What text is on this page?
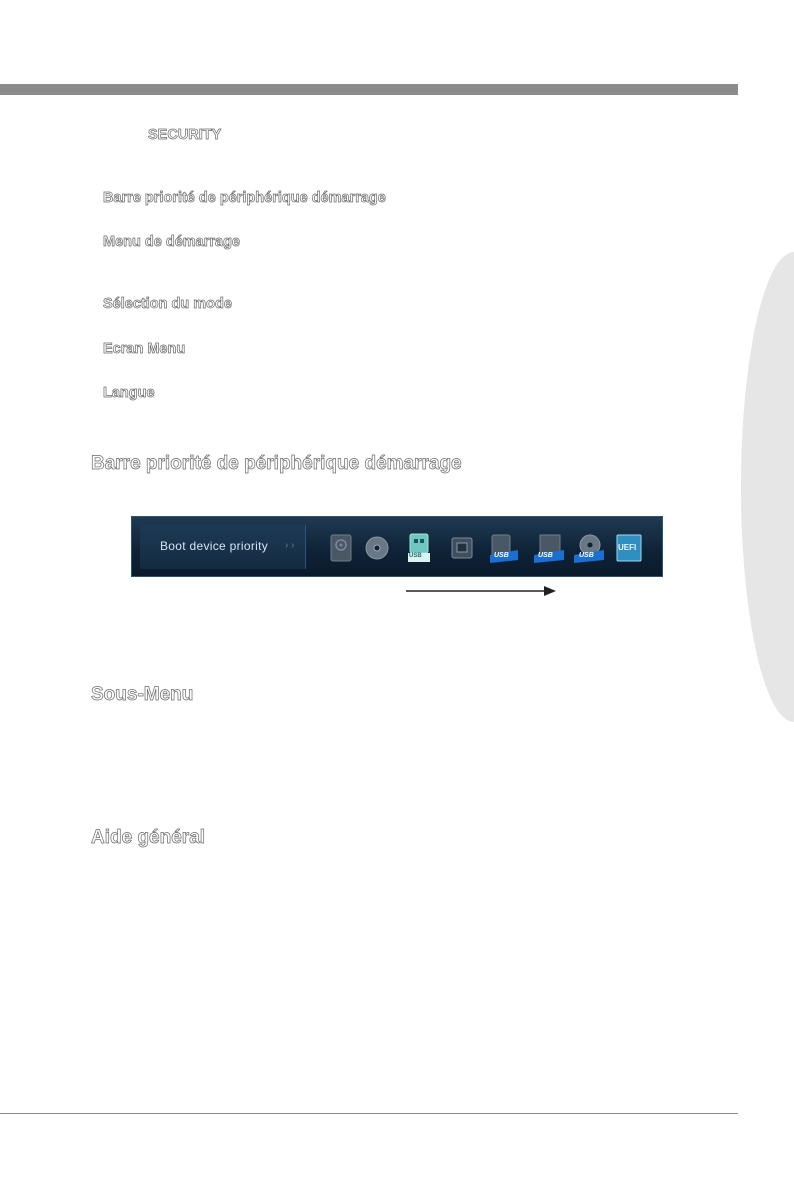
SECURITY
Barre priorité de périphérique démarrage
Menu de démarrage
Sélection du mode
Ecran Menu
Langue
Barre priorité de périphérique démarrage
Boot device priority › ›
USB	USB	USB	USB
UEFI
Sous-Menu
Aide général
